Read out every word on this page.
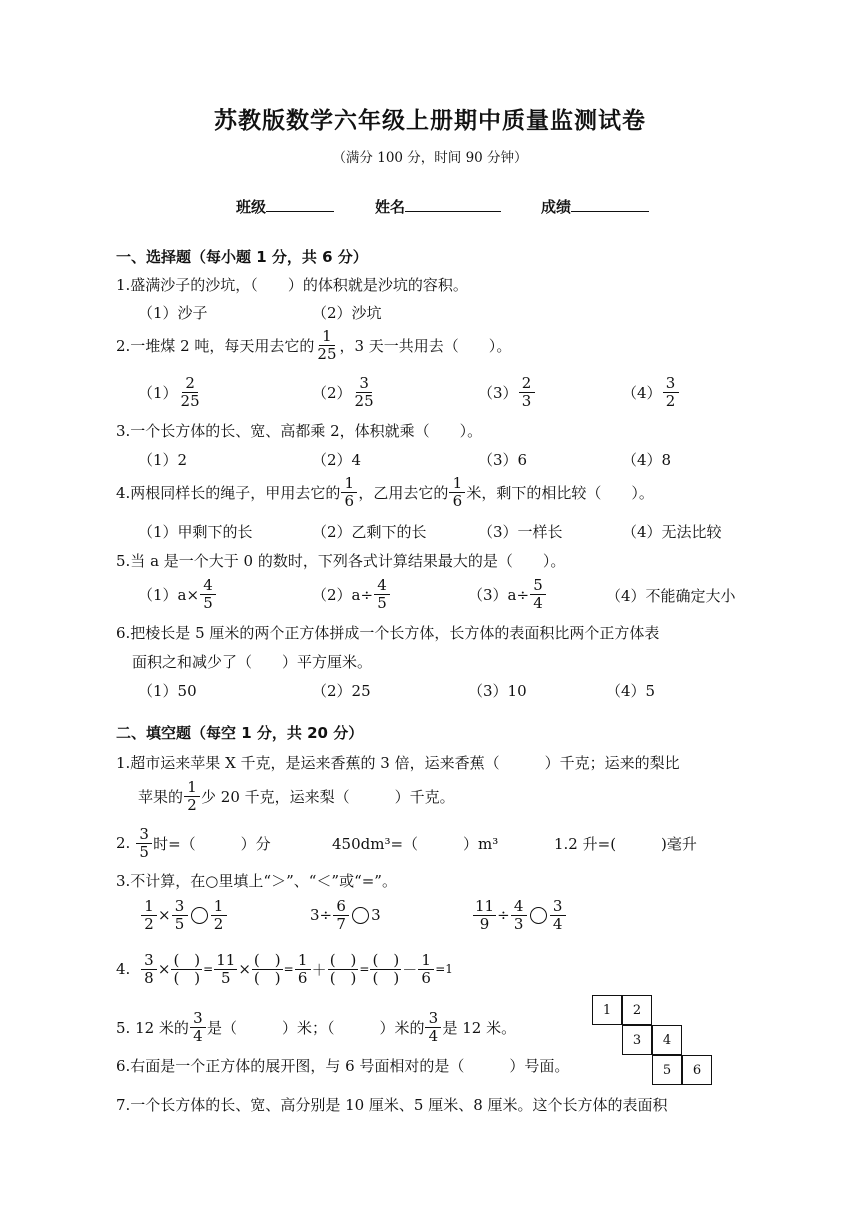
苏教版数学六年级上册期中质量监测试卷
（满分 100 分，时间 90 分钟）
班级	姓名	成绩
一、选择题（每小题 1 分，共 6 分）
1.盛满沙子的沙坑，（　　）的体积就是沙坑的容积。
（1）沙子	（2）沙坑
2.一堆煤 2 吨，每天用去它的 $\frac{1}{25}$ ，3 天一共用去（　　）。
$(1) \frac{2}{25}$	$(2) \frac{3}{25}$	$(3) \frac{2}{3}$	$(4) \frac{3}{2}$
3.一个长方体的长、宽、高都乘 2，体积就乘（　　）。
（1）2	（2）4	（3）6	（4）8
4.两根同样长的绳子，甲用去它的 $\frac{1}{6}$ ，乙用去它的 $\frac{1}{6}$ 米，剩下的相比较（　　）。
（1）甲剩下的长	（2）乙剩下的长	（3）一样长	（4）无法比较
5.当 a 是一个大于 0 的数时，下列各式计算结果最大的是（　　）。
$(1)a\times \frac{4}{5}$	$(2)a\div \frac{4}{5}$	$(3)a\div \frac{5}{4}$	（4）不能确定大小
6.把棱长是 5 厘米的两个正方体拼成一个长方体，长方体的表面积比两个正方体表
面积之和减少了（　　）平方厘米。
（1）50	（2）25	（3）10	（4）5
二、填空题（每空 1 分，共 20 分）
1.超市运来苹果 X 千克，是运来香蕉的 3 倍，运来香蕉（　　　）千克；运来的梨比
苹果的 $\frac{1}{2}$ 少 20 千克，运来梨（　　　）千克。
2.
$\frac{3}{5}$ 时=（　　　）分	450dm³=（　　　）m³	1.2 升=(　　　)毫升
3.不计算，在○里填上“＞”、“＜”或“=”。
$\frac{1}{2} \times \frac{3}{5} \frac{1}{2}$	$3\div \frac{6}{7} 3$	$\frac{11}{9} \div \frac{4}{3} \frac{3}{4}$
4.
$\frac{3}{8} \times \frac{( )}{( )} = \frac{11}{5} \times \frac{( )}{( )} = \frac{1}{6} + \frac{( )}{( )} = \frac{( )}{( )} - \frac{1}{6} =1$
5. 12 米的 $\frac{3}{4}$ 是（　　　）米；（　　　）米的 $\frac{3}{4}$ 是 12 米。
6.右面是一个正方体的展开图，与 6 号面相对的是（　　　）号面。
7.一个长方体的长、宽、高分别是 10 厘米、5 厘米、8 厘米。这个长方体的表面积
1	2
3	4
5	6
